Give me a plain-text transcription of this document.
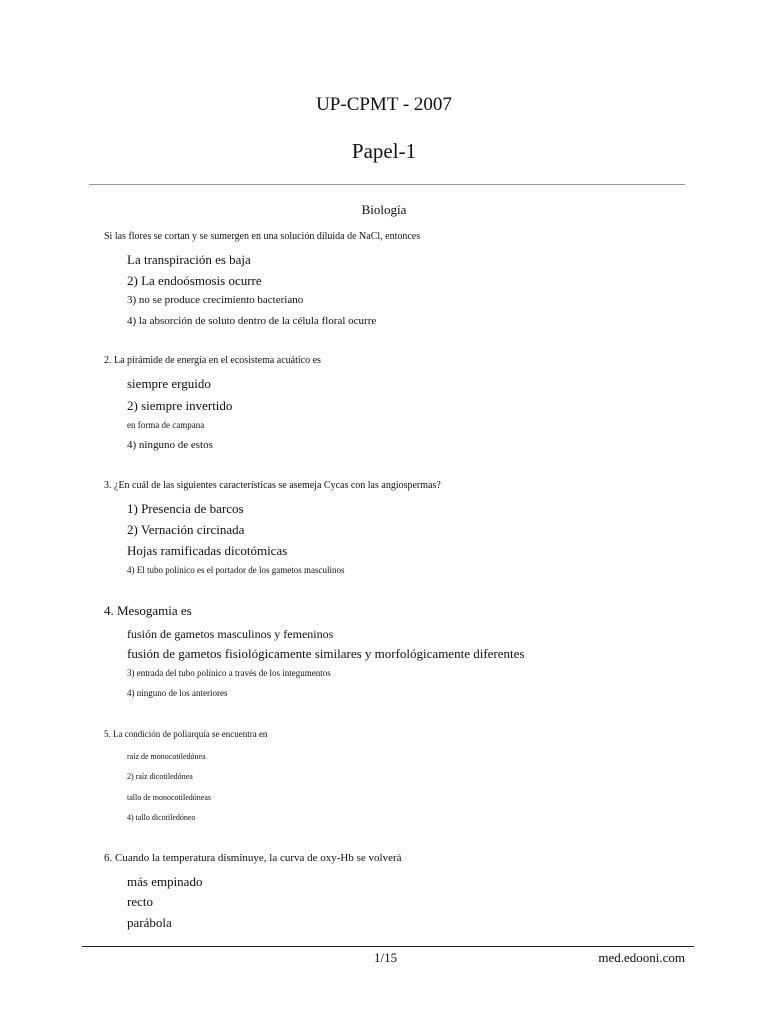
UP-CPMT - 2007
Papel-1
Biología
Si las flores se cortan y se sumergen en una solución diluida de NaCl, entonces
La transpiración es baja
2) La endoósmosis ocurre
3) no se produce crecimiento bacteriano
4) la absorción de soluto dentro de la célula floral ocurre
2. La pirámide de energía en el ecosistema acuático es
siempre erguido
2) siempre invertido
en forma de campana
4) ninguno de estos
3. ¿En cuál de las siguientes características se asemeja Cycas con las angiospermas?
1) Presencia de barcos
2) Vernación circinada
Hojas ramificadas dicotómicas
4) El tubo polínico es el portador de los gametos masculinos
4. Mesogamia es
fusión de gametos masculinos y femeninos
fusión de gametos fisiológicamente similares y morfológicamente diferentes
3) entrada del tubo polínico a través de los integumentos
4) ninguno de los anteriores
5. La condición de poliarquía se encuentra en
raíz de monocotiledónea
2) raíz dicotiledónea
tallo de monocotiledóneas
4) tallo dicotiledóneo
6. Cuando la temperatura disminuye, la curva de oxy-Hb se volverá
más empinado
recto
parábola
1/15	med.edooni.com
